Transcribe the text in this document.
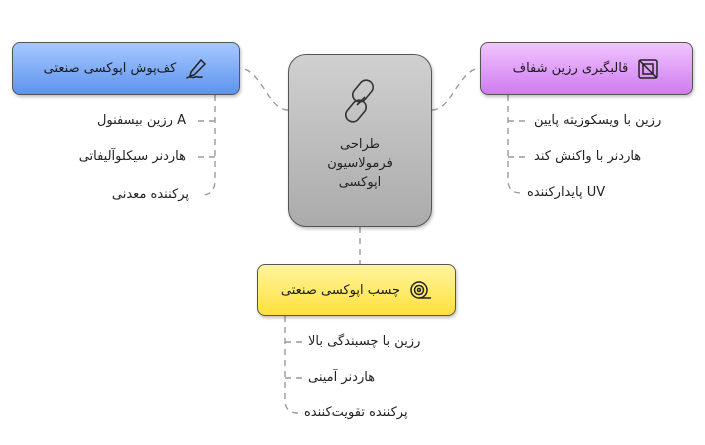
طراحی
فرمولاسیون
اپوکسی
کف‌پوش اپوکسی صنعتی	قالبگیری رزین شفاف
چسب اپوکسی صنعتی
A رزین بیسفنول
هاردنر سیکلوآلیفاتی
پرکننده معدنی
رزین با ویسکوزیته پایین
هاردنر با واکنش کند
UV پایدارکننده
رزین با چسبندگی بالا
هاردنر آمینی
پرکننده تقویت‌کننده
